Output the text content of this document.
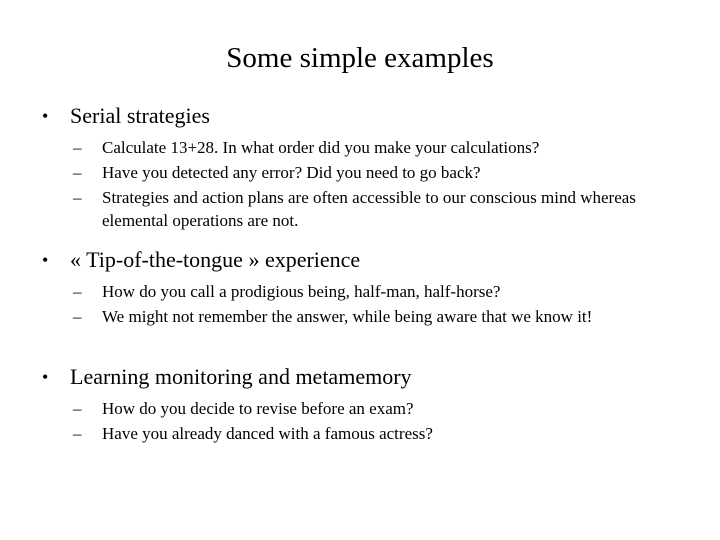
Some simple examples
• Serial strategies
– Calculate 13+28. In what order did you make your calculations?
– Have you detected any error? Did you need to go back?
– Strategies and action plans are often accessible to our conscious mind whereas elemental operations are not.
• « Tip-of-the-tongue » experience
– How do you call a prodigious being, half-man, half-horse?
– We might not remember the answer, while being aware that we know it!
• Learning monitoring and metamemory
– How do you decide to revise before an exam?
– Have you already danced with a famous actress?
